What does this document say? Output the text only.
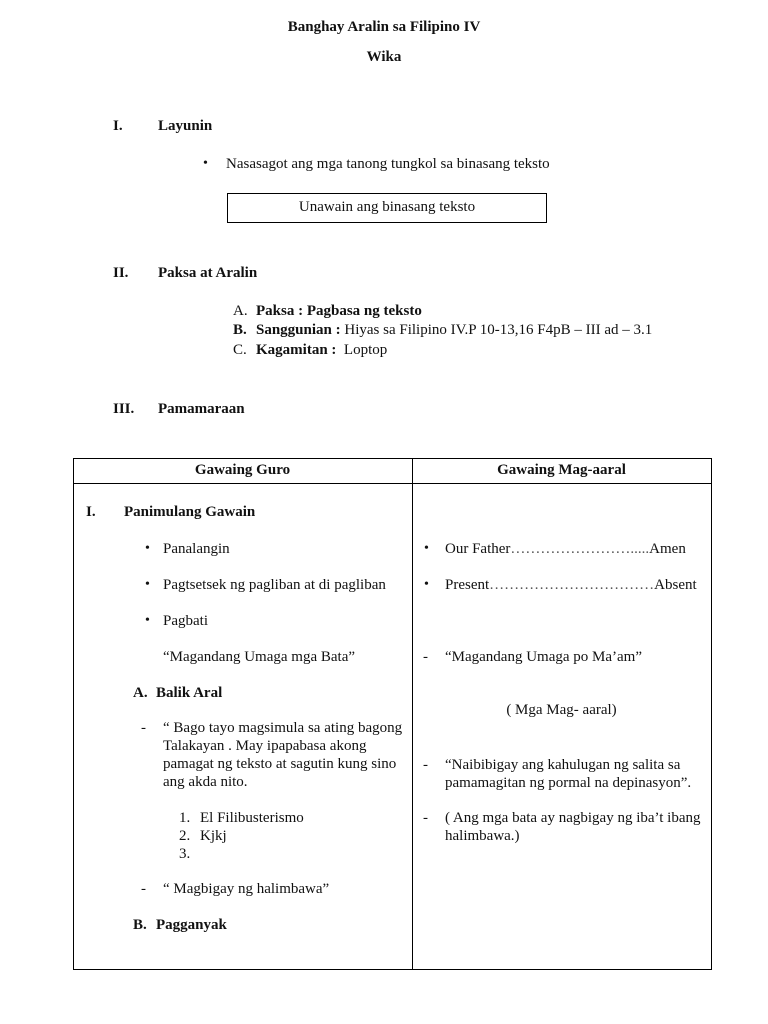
Banghay Aralin sa Filipino IV
Wika
I. Layunin
• Nasasagot ang mga tanong tungkol sa binasang teksto
Unawain ang binasang teksto
II. Paksa at Aralin
A. Paksa : Pagbasa ng teksto
B. Sanggunian : Hiyas sa Filipino IV.P 10-13,16 F4pB – III ad – 3.1
C. Kagamitan : Loptop
III. Pamamaraan
Gawaing Guro	Gawaing Mag-aaral
I. Panimulang Gawain
• Panalangin
• Pagtsetsek ng pagliban at di pagliban
• Pagbati
“Magandang Umaga mga Bata”
A. Balik Aral
- “ Bago tayo magsimula sa ating bagong Talakayan . May ipapabasa akong pamagat ng teksto at sagutin kung sino ang akda nito.
1. El Filibusterismo
2. Kjkj
3.
- “ Magbigay ng halimbawa”
B. Pagganyak
• Our Father…………………….....Amen
• Present……………………………Absent
- “Magandang Umaga po Ma’am”
( Mga Mag- aaral)
- “Naibibigay ang kahulugan ng salita sa pamamagitan ng pormal na depinasyon”.
- ( Ang mga bata ay nagbigay ng iba’t ibang halimbawa.)
